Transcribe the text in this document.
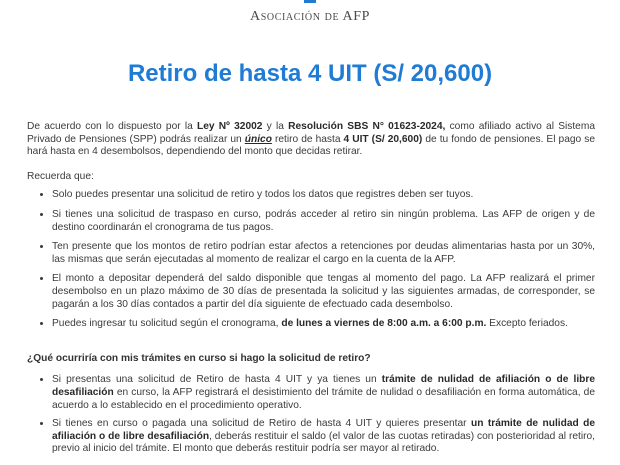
Asociación de AFP
Retiro de hasta 4 UIT (S/ 20,600)

De acuerdo con lo dispuesto por la Ley Nº 32002 y la Resolución SBS N° 01623-2024, como afiliado activo al Sistema Privado de Pensiones (SPP) podrás realizar un único retiro de hasta 4 UIT (S/ 20,600) de tu fondo de pensiones. El pago se hará hasta en 4 desembolsos, dependiendo del monto que decidas retirar.

Recuerda que:

• Solo puedes presentar una solicitud de retiro y todos los datos que registres deben ser tuyos.
• Si tienes una solicitud de traspaso en curso, podrás acceder al retiro sin ningún problema. Las AFP de origen y de destino coordinarán el cronograma de tus pagos.
• Ten presente que los montos de retiro podrían estar afectos a retenciones por deudas alimentarias hasta por un 30%, las mismas que serán ejecutadas al momento de realizar el cargo en la cuenta de la AFP.
• El monto a depositar dependerá del saldo disponible que tengas al momento del pago. La AFP realizará el primer desembolso en un plazo máximo de 30 días de presentada la solicitud y las siguientes armadas, de corresponder, se pagarán a los 30 días contados a partir del día siguiente de efectuado cada desembolso.
• Puedes ingresar tu solicitud según el cronograma, de lunes a viernes de 8:00 a.m. a 6:00 p.m. Excepto feriados.

¿Qué ocurriría con mis trámites en curso si hago la solicitud de retiro?

• Si presentas una solicitud de Retiro de hasta 4 UIT y ya tienes un trámite de nulidad de afiliación o de libre desafiliación en curso, la AFP registrará el desistimiento del trámite de nulidad o desafiliación en forma automática, de acuerdo a lo establecido en el procedimiento operativo.
• Si tienes en curso o pagada una solicitud de Retiro de hasta 4 UIT y quieres presentar un trámite de nulidad de afiliación o de libre desafiliación, deberás restituir el saldo (el valor de las cuotas retiradas) con posterioridad al retiro, previo al inicio del trámite. El monto que deberás restituir podría ser mayor al retirado.
